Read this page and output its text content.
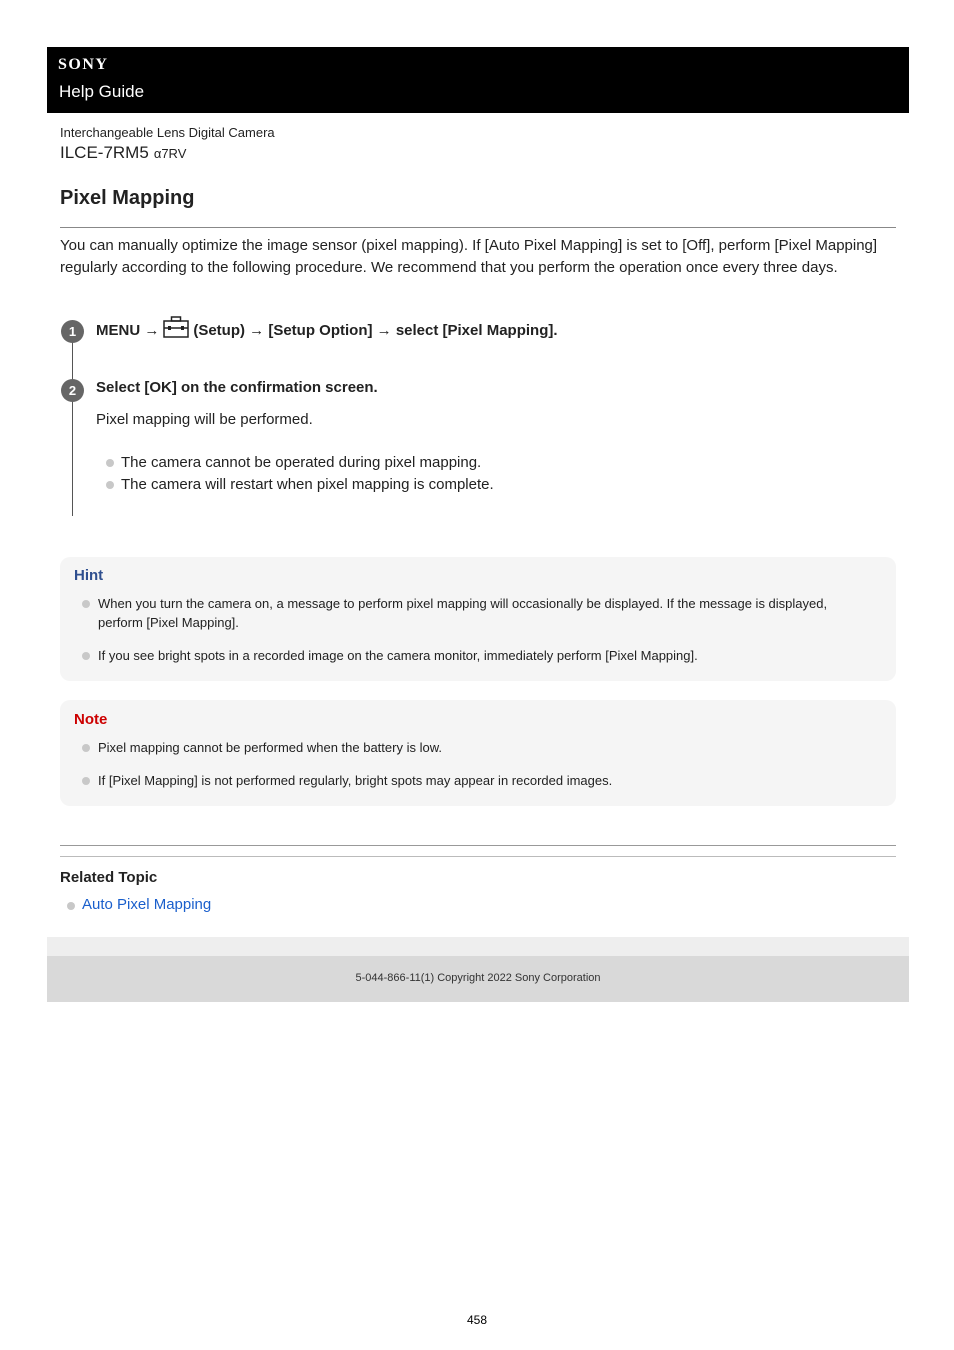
SONY
Help Guide
Interchangeable Lens Digital Camera
ILCE-7RM5 α7RV
Pixel Mapping

You can manually optimize the image sensor (pixel mapping). If [Auto Pixel Mapping] is set to [Off], perform [Pixel Mapping] regularly according to the following procedure. We recommend that you perform the operation once every three days.

1	MENU → (Setup) → [Setup Option] → select [Pixel Mapping].
2	Select [OK] on the confirmation screen.
Pixel mapping will be performed.
The camera cannot be operated during pixel mapping.
The camera will restart when pixel mapping is complete.
Hint
When you turn the camera on, a message to perform pixel mapping will occasionally be displayed. If the message is displayed, perform [Pixel Mapping].
If you see bright spots in a recorded image on the camera monitor, immediately perform [Pixel Mapping].
Note
Pixel mapping cannot be performed when the battery is low.
If [Pixel Mapping] is not performed regularly, bright spots may appear in recorded images.
Related Topic
Auto Pixel Mapping
5-044-866-11(1) Copyright 2022 Sony Corporation
458
